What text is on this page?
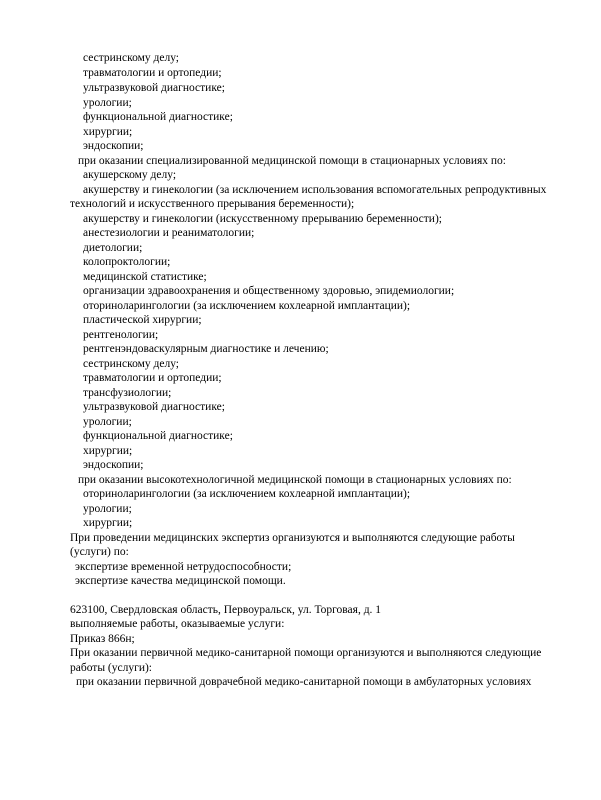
сестринскому делу;
травматологии и ортопедии;
ультразвуковой диагностике;
урологии;
функциональной диагностике;
хирургии;
эндоскопии;
при оказании специализированной медицинской помощи в стационарных условиях по:
акушерскому делу;
акушерству и гинекологии (за исключением использования вспомогательных репродуктивных
технологий и искусственного прерывания беременности);
акушерству и гинекологии (искусственному прерыванию беременности);
анестезиологии и реаниматологии;
диетологии;
колопроктологии;
медицинской статистике;
организации здравоохранения и общественному здоровью, эпидемиологии;
оториноларингологии (за исключением кохлеарной имплантации);
пластической хирургии;
рентгенологии;
рентгенэндоваскулярным диагностике и лечению;
сестринскому делу;
травматологии и ортопедии;
трансфузиологии;
ультразвуковой диагностике;
урологии;
функциональной диагностике;
хирургии;
эндоскопии;
при оказании высокотехнологичной медицинской помощи в стационарных условиях по:
оториноларингологии (за исключением кохлеарной имплантации);
урологии;
хирургии;
При проведении медицинских экспертиз организуются и выполняются следующие работы
(услуги) по:
экспертизе временной нетрудоспособности;
экспертизе качества медицинской помощи.
623100, Свердловская область, Первоуральск, ул. Торговая, д. 1
выполняемые работы, оказываемые услуги:
Приказ 866н;
При оказании первичной медико-санитарной помощи организуются и выполняются следующие
работы (услуги):
при оказании первичной доврачебной медико-санитарной помощи в амбулаторных условиях
